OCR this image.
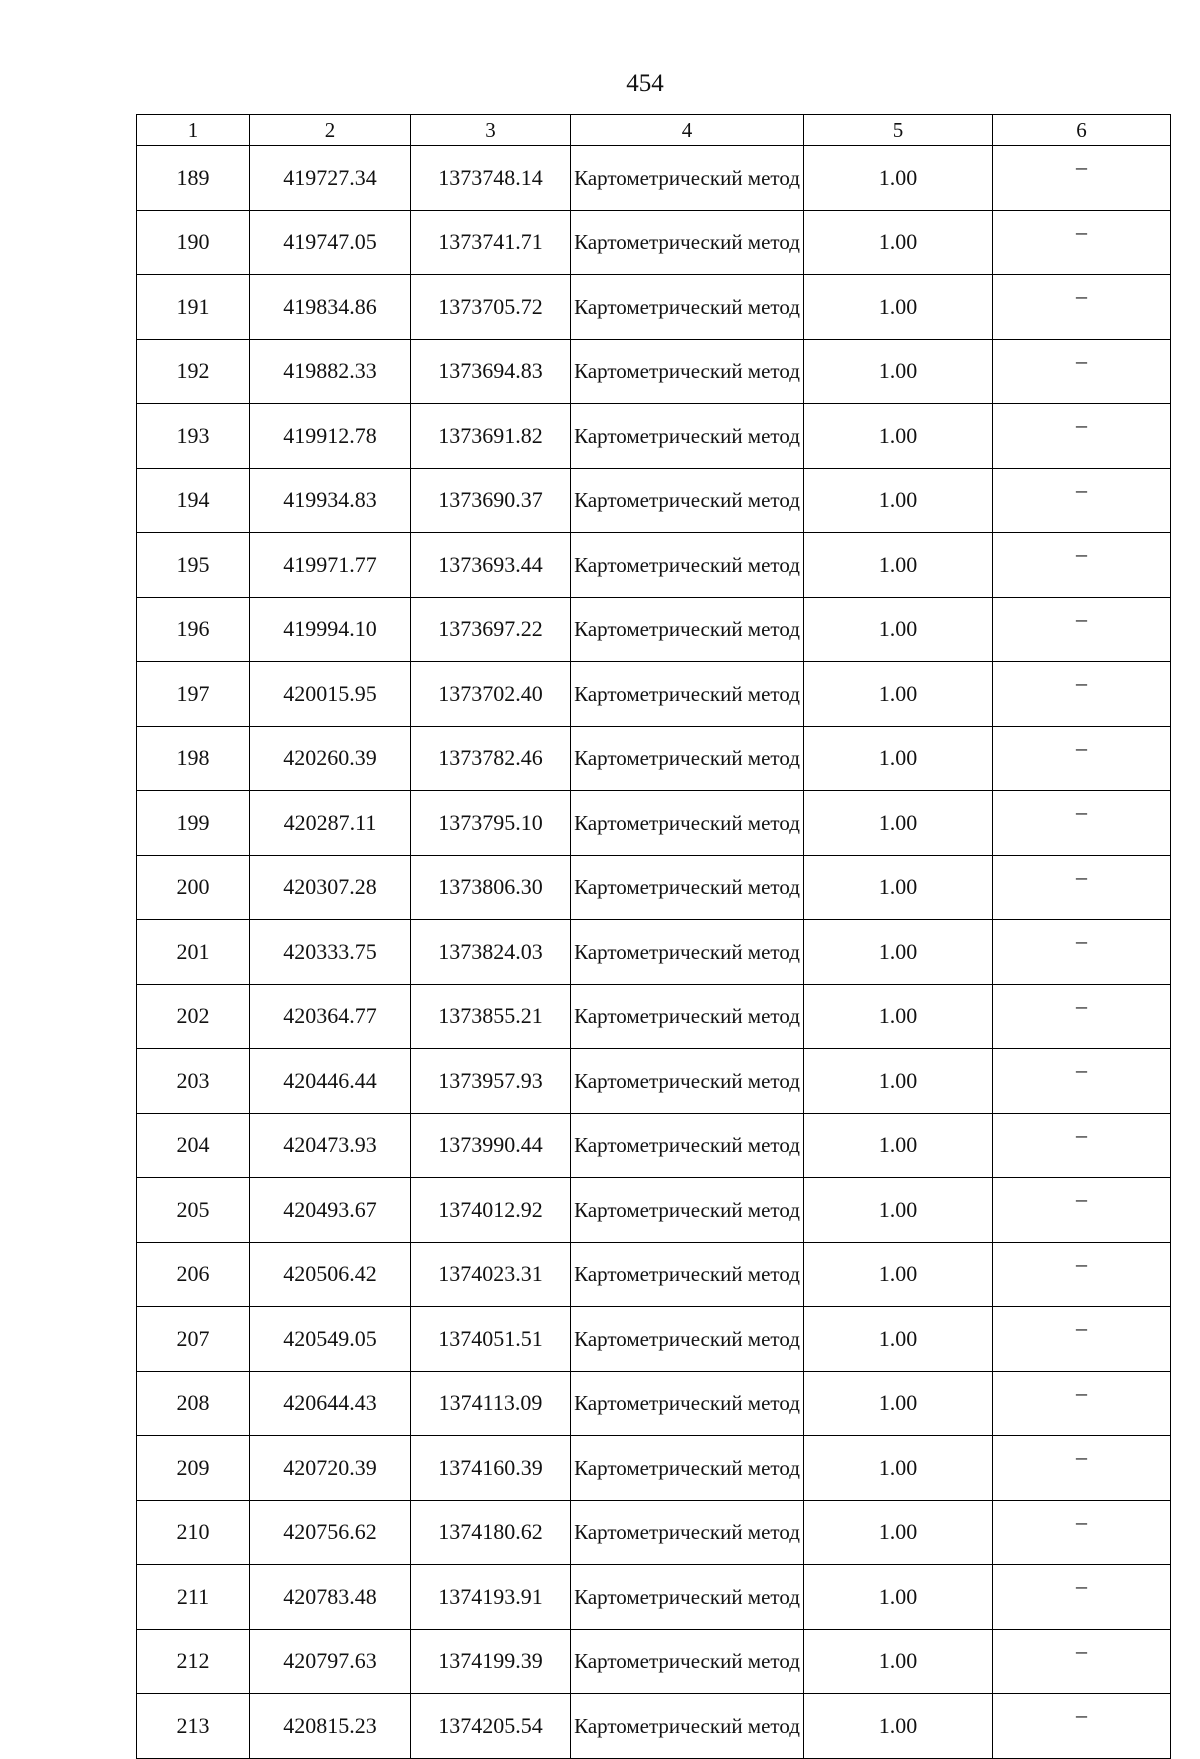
454
1	2	3	4	5	6
189	419727.34	1373748.14	Картометрический метод	1.00	–
190	419747.05	1373741.71	Картометрический метод	1.00	–
191	419834.86	1373705.72	Картометрический метод	1.00	–
192	419882.33	1373694.83	Картометрический метод	1.00	–
193	419912.78	1373691.82	Картометрический метод	1.00	–
194	419934.83	1373690.37	Картометрический метод	1.00	–
195	419971.77	1373693.44	Картометрический метод	1.00	–
196	419994.10	1373697.22	Картометрический метод	1.00	–
197	420015.95	1373702.40	Картометрический метод	1.00	–
198	420260.39	1373782.46	Картометрический метод	1.00	–
199	420287.11	1373795.10	Картометрический метод	1.00	–
200	420307.28	1373806.30	Картометрический метод	1.00	–
201	420333.75	1373824.03	Картометрический метод	1.00	–
202	420364.77	1373855.21	Картометрический метод	1.00	–
203	420446.44	1373957.93	Картометрический метод	1.00	–
204	420473.93	1373990.44	Картометрический метод	1.00	–
205	420493.67	1374012.92	Картометрический метод	1.00	–
206	420506.42	1374023.31	Картометрический метод	1.00	–
207	420549.05	1374051.51	Картометрический метод	1.00	–
208	420644.43	1374113.09	Картометрический метод	1.00	–
209	420720.39	1374160.39	Картометрический метод	1.00	–
210	420756.62	1374180.62	Картометрический метод	1.00	–
211	420783.48	1374193.91	Картометрический метод	1.00	–
212	420797.63	1374199.39	Картометрический метод	1.00	–
213	420815.23	1374205.54	Картометрический метод	1.00	–
